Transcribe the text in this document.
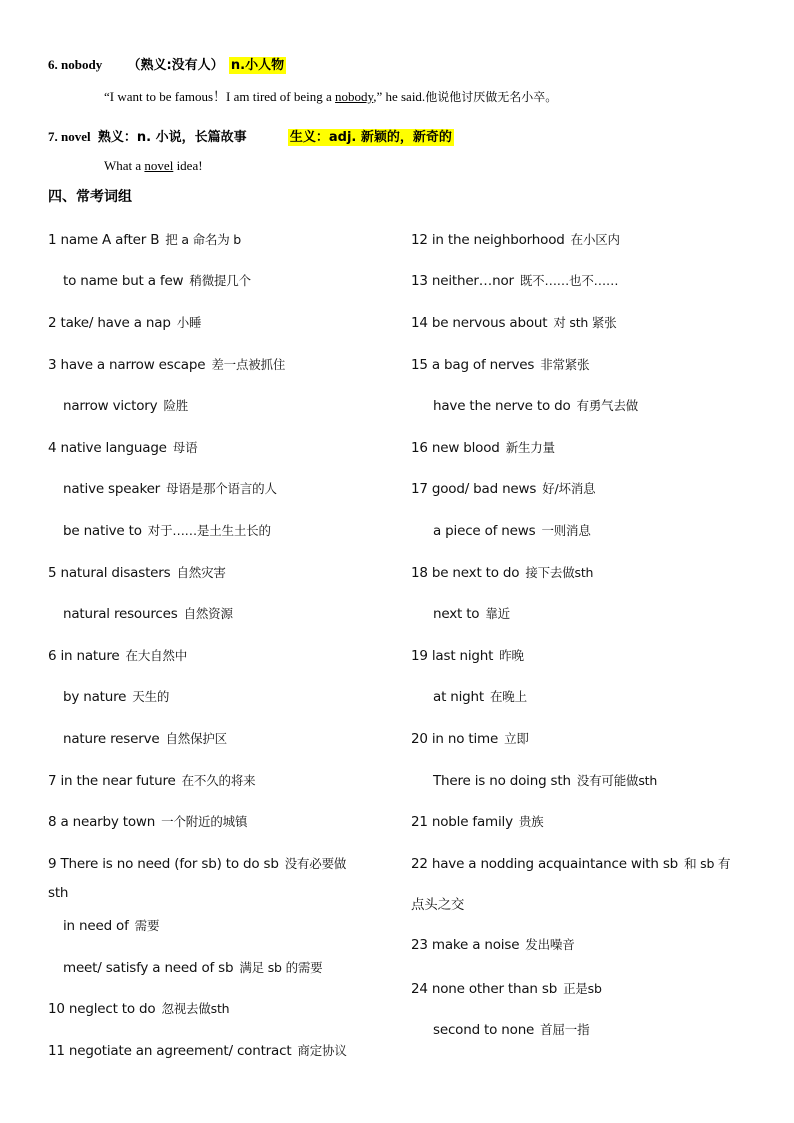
6. nobody （熟义:没有人） n.小人物
“I want to be famous！I am tired of being a nobody,” he said.他说他讨厌做无名小卒。
7. novel 熟义：n. 小说，长篇故事	生义：adj. 新颖的，新奇的
What a novel idea!
四、常考词组
1 name A after B 把 a 命名为 b
to name but a few 稍微提几个
2 take/ have a nap 小睡
3 have a narrow escape 差一点被抓住
narrow victory 险胜
4 native language 母语
native speaker 母语是那个语言的人
be native to 对于……是土生土长的
5 natural disasters 自然灾害
natural resources 自然资源
6 in nature 在大自然中
by nature 天生的
nature reserve 自然保护区
7 in the near future 在不久的将来
8 a nearby town 一个附近的城镇
9 There is no need (for sb) to do sb 没有必要做
sth
in need of 需要
meet/ satisfy a need of sb 满足 sb 的需要
10 neglect to do 忽视去做sth
11 negotiate an agreement/ contract 商定协议
12 in the neighborhood 在小区内
13 neither…nor 既不……也不……
14 be nervous about 对 sth 紧张
15 a bag of nerves 非常紧张
have the nerve to do 有勇气去做
16 new blood 新生力量
17 good/ bad news 好/坏消息
a piece of news 一则消息
18 be next to do 接下去做sth
next to 靠近
19 last night 昨晚
at night 在晚上
20 in no time 立即
There is no doing sth 没有可能做sth
21 noble family 贵族
22 have a nodding acquaintance with sb 和 sb 有
点头之交
23 make a noise 发出噪音
24 none other than sb 正是sb
second to none 首屈一指
